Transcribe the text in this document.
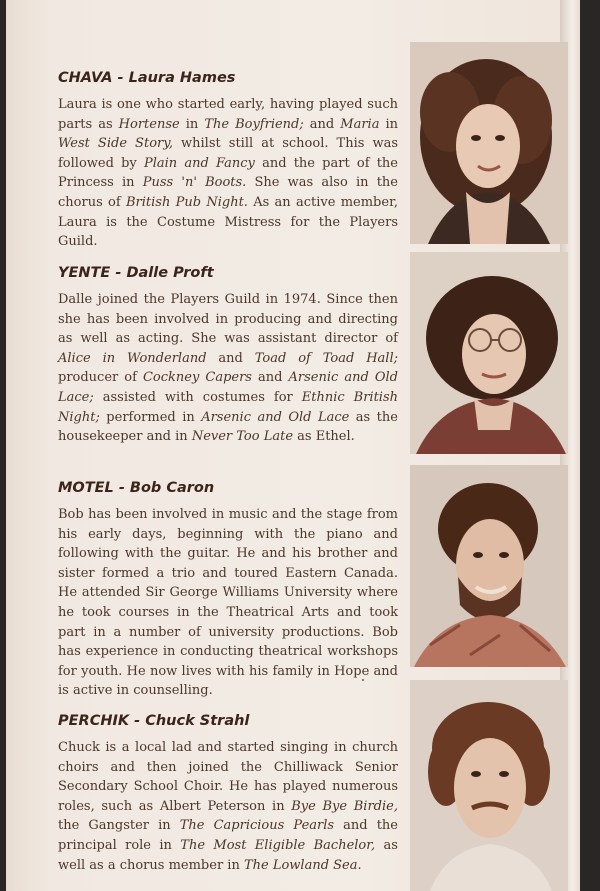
CHAVA - Laura Hames

Laura is one who started early, having played such parts as Hortense in The Boyfriend; and Maria in West Side Story, whilst still at school. This was followed by Plain and Fancy and the part of the Princess in Puss 'n' Boots. She was also in the chorus of British Pub Night. As an active member, Laura is the Costume Mistress for the Players Guild.

YENTE - Dalle Proft

Dalle joined the Players Guild in 1974. Since then she has been involved in producing and directing as well as acting. She was assistant director of Alice in Wonderland and Toad of Toad Hall; producer of Cockney Capers and Arsenic and Old Lace; assisted with costumes for Ethnic British Night; performed in Arsenic and Old Lace as the housekeeper and in Never Too Late as Ethel.

MOTEL - Bob Caron

Bob has been involved in music and the stage from his early days, beginning with the piano and following with the guitar. He and his brother and sister formed a trio and toured Eastern Canada. He attended Sir George Williams University where he took courses in the Theatrical Arts and took part in a number of university productions. Bob has experience in conducting theatrical workshops for youth. He now lives with his family in Hope and is active in counselling.

PERCHIK - Chuck Strahl

Chuck is a local lad and started singing in church choirs and then joined the Chilliwack Senior Secondary School Choir. He has played numerous roles, such as Albert Peterson in Bye Bye Birdie, the Gangster in The Capricious Pearls and the principal role in The Most Eligible Bachelor, as well as a chorus member in The Lowland Sea.
